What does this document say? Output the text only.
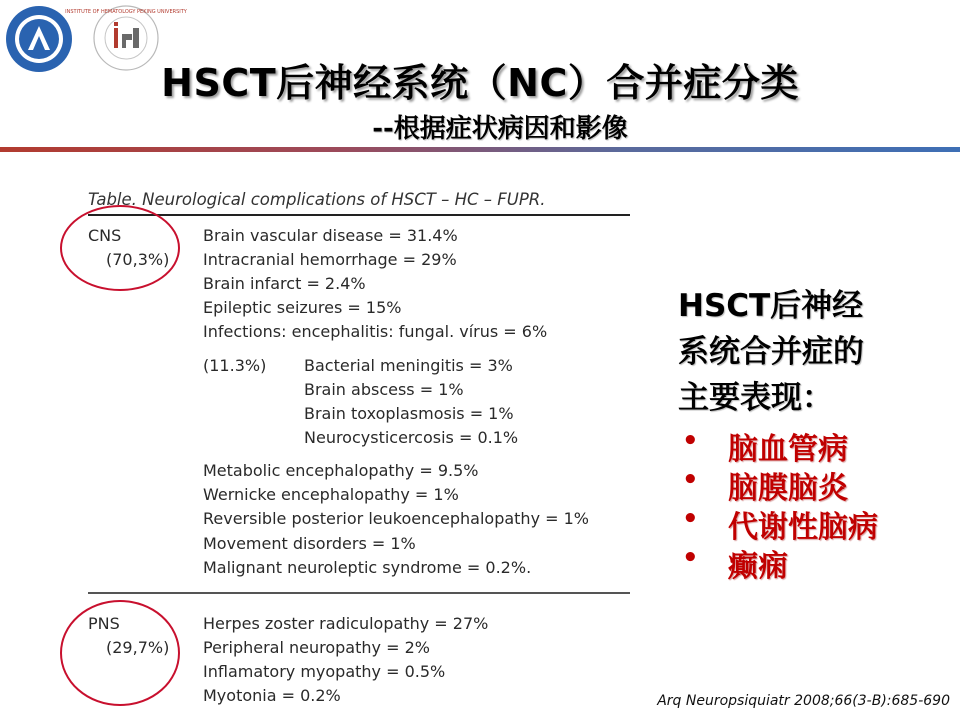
INSTITUTE OF HEMATOLOGY PEKING UNIVERSITY
HSCT后神经系统（NC）合并症分类
--根据症状病因和影像
Table. Neurological complications of HSCT – HC – FUPR.
CNS
(70,3%)
Brain vascular disease = 31.4%
Intracranial hemorrhage = 29%
Brain infarct = 2.4%
Epileptic seizures = 15%
Infections: encephalitis: fungal. vírus = 6%
(11.3%) Bacterial meningitis = 3%
Brain abscess = 1%
Brain toxoplasmosis = 1%
Neurocysticercosis = 0.1%
Metabolic encephalopathy = 9.5%
Wernicke encephalopathy = 1%
Reversible posterior leukoencephalopathy = 1%
Movement disorders = 1%
Malignant neuroleptic syndrome = 0.2%.
PNS
(29,7%)
Herpes zoster radiculopathy = 27%
Peripheral neuropathy = 2%
Inflamatory myopathy = 0.5%
Myotonia = 0.2%
HSCT后神经
系统合并症的
主要表现：
• 脑血管病
• 脑膜脑炎
• 代谢性脑病
• 癫痫
Arq Neuropsiquiatr 2008;66(3-B):685-690
